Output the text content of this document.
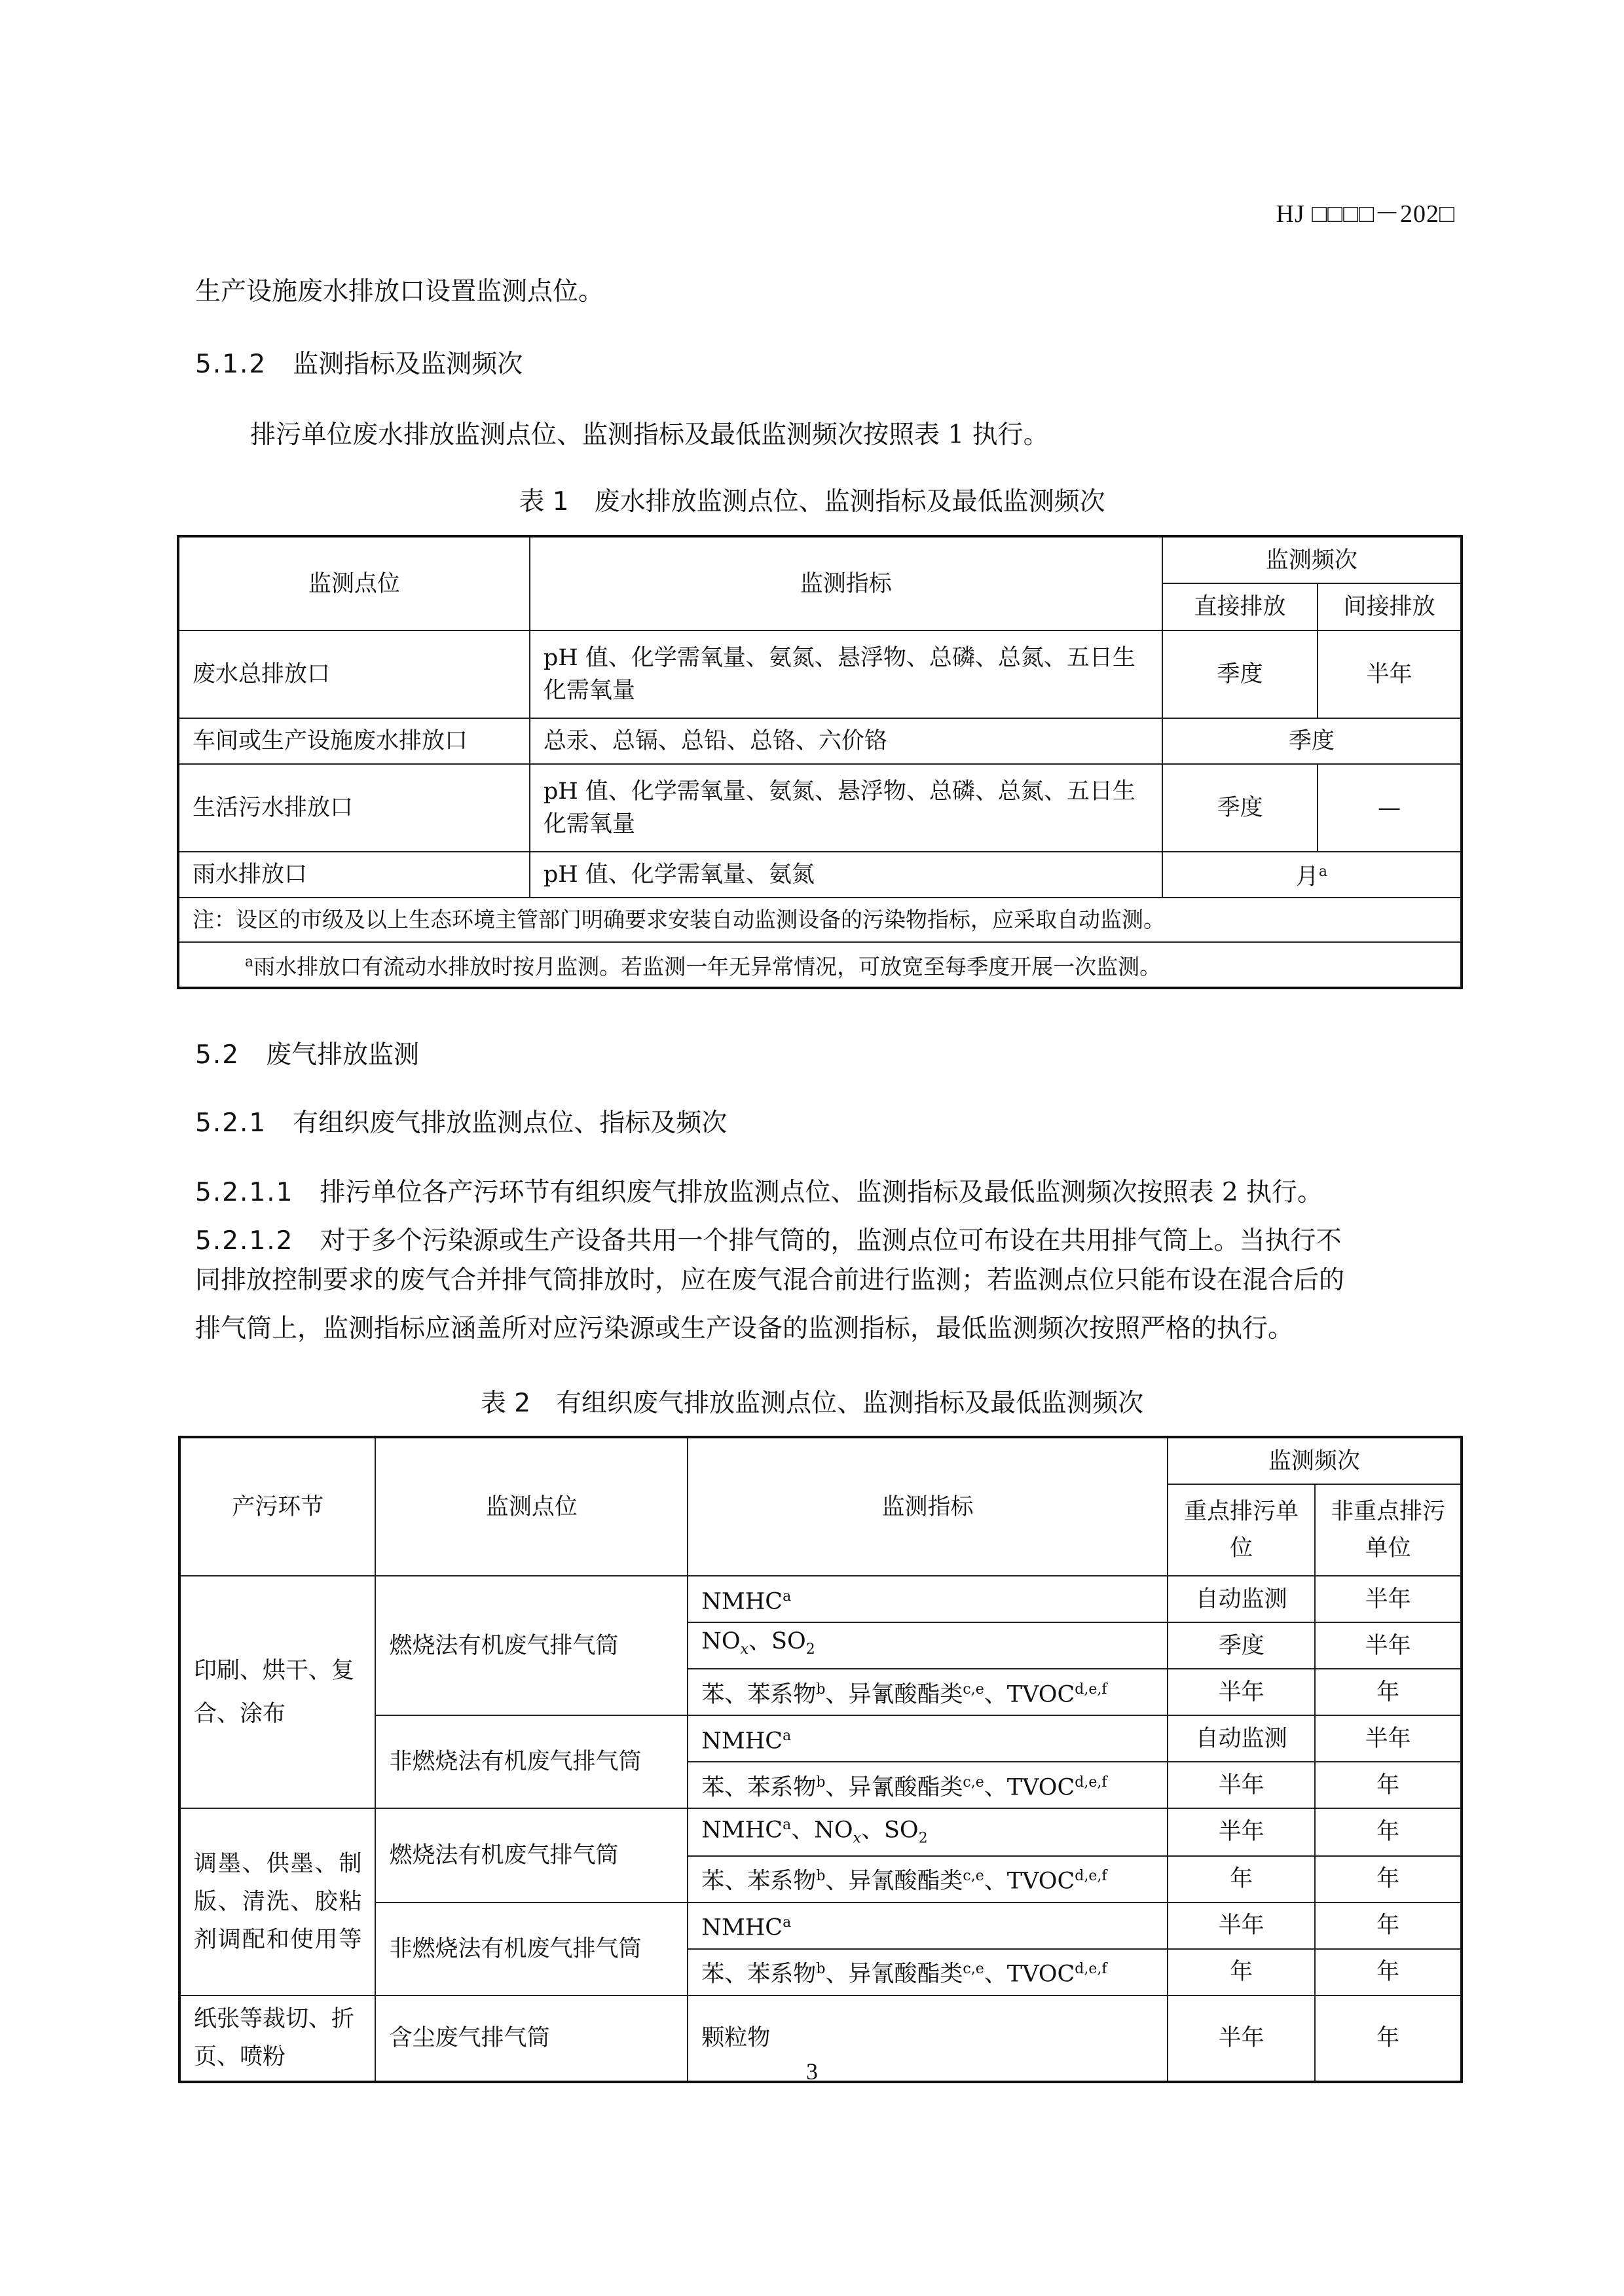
HJ □□□□－202□
生产设施废水排放口设置监测点位。
5.1.2 监测指标及监测频次
排污单位废水排放监测点位、监测指标及最低监测频次按照表 1 执行。
表 1　废水排放监测点位、监测指标及最低监测频次
监测点位	监测指标	监测频次	
		直接排放	间接排放
废水总排放口	pH 值、化学需氧量、氨氮、悬浮物、总磷、总氮、五日生化需氧量	季度	半年
车间或生产设施废水排放口	总汞、总镉、总铅、总铬、六价铬	季度	
生活污水排放口	pH 值、化学需氧量、氨氮、悬浮物、总磷、总氮、五日生化需氧量	季度	—
雨水排放口	pH 值、化学需氧量、氨氮	月$^a$
注：设区的市级及以上生态环境主管部门明确要求安装自动监测设备的污染物指标，应采取自动监测。			
$^a$雨水排放口有流动水排放时按月监测。若监测一年无异常情况，可放宽至每季度开展一次监测。			
5.2 废气排放监测
5.2.1 有组织废气排放监测点位、指标及频次
5.2.1.1 排污单位各产污环节有组织废气排放监测点位、监测指标及最低监测频次按照表 2 执行。
5.2.1.2 对于多个污染源或生产设备共用一个排气筒的，监测点位可布设在共用排气筒上。当执行不
同排放控制要求的废气合并排气筒排放时，应在废气混合前进行监测；若监测点位只能布设在混合后的
排气筒上，监测指标应涵盖所对应污染源或生产设备的监测指标，最低监测频次按照严格的执行。
表 2　有组织废气排放监测点位、监测指标及最低监测频次
产污环节	监测点位	监测指标	监测频次	
			重点排污单位	非重点排污单位

印刷、烘干、复合、涂布	燃烧法有机废气排气筒	NMHC$^a$	自动监测	半年
		$NO_x$、$SO_2$	季度	半年
		苯、苯系物$^b$、异氰酸酯类$^{c,e}$、TVOC$^{d,e,f}$	半年	年
	非燃烧法有机废气排气筒	NMHC$^a$	自动监测	半年
		苯、苯系物$^b$、异氰酸酯类$^{c,e}$、TVOC$^{d,e,f}$	半年	年
调墨、供墨、制版、清洗、胶粘剂调配和使用等	燃烧法有机废气排气筒	NMHC$^a$、$NO_x$、$SO_2$	半年	年
		苯、苯系物$^b$、异氰酸酯类$^{c,e}$、TVOC$^{d,e,f}$	年	年
	非燃烧法有机废气排气筒	NMHC$^a$	半年	年
		苯、苯系物$^b$、异氰酸酯类$^{c,e}$、TVOC$^{d,e,f}$	年	年
纸张等裁切、折页、喷粉	含尘废气排气筒	颗粒物	半年	年
3
